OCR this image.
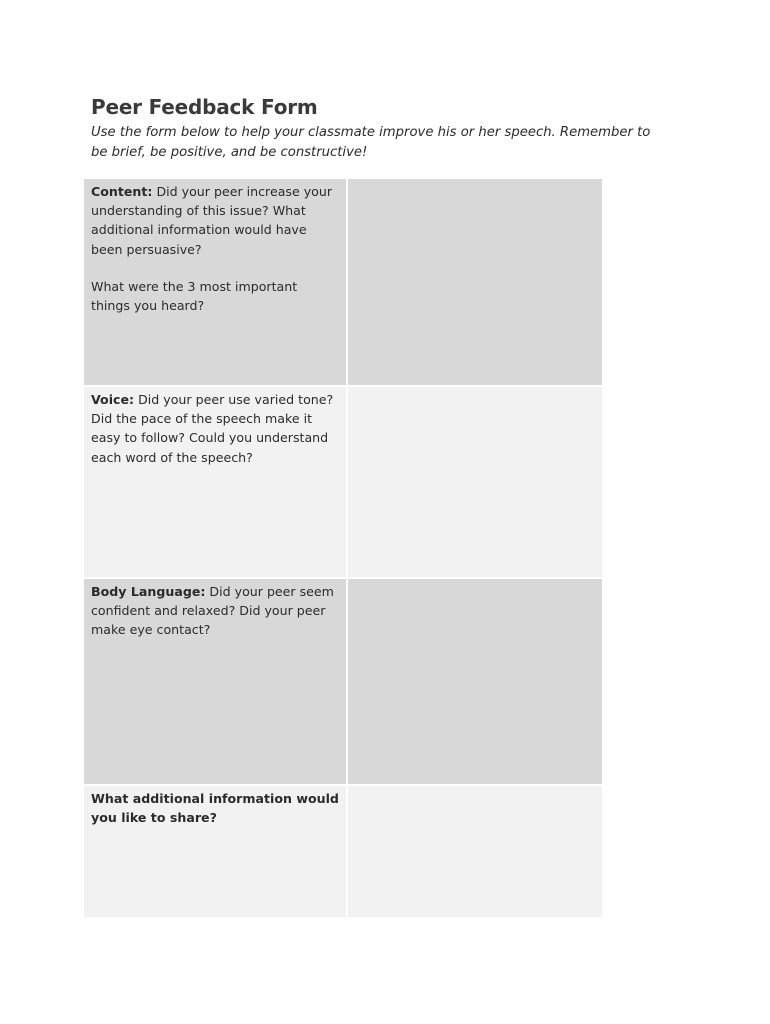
Peer Feedback Form

Use the form below to help your classmate improve his or her speech. Remember to be brief, be positive, and be constructive!

Content: Did your peer increase your understanding of this issue? What additional information would have been persuasive?

What were the 3 most important things you heard?

Voice: Did your peer use varied tone? Did the pace of the speech make it easy to follow? Could you understand each word of the speech?

Body Language: Did your peer seem confident and relaxed? Did your peer make eye contact?

What additional information would you like to share?
